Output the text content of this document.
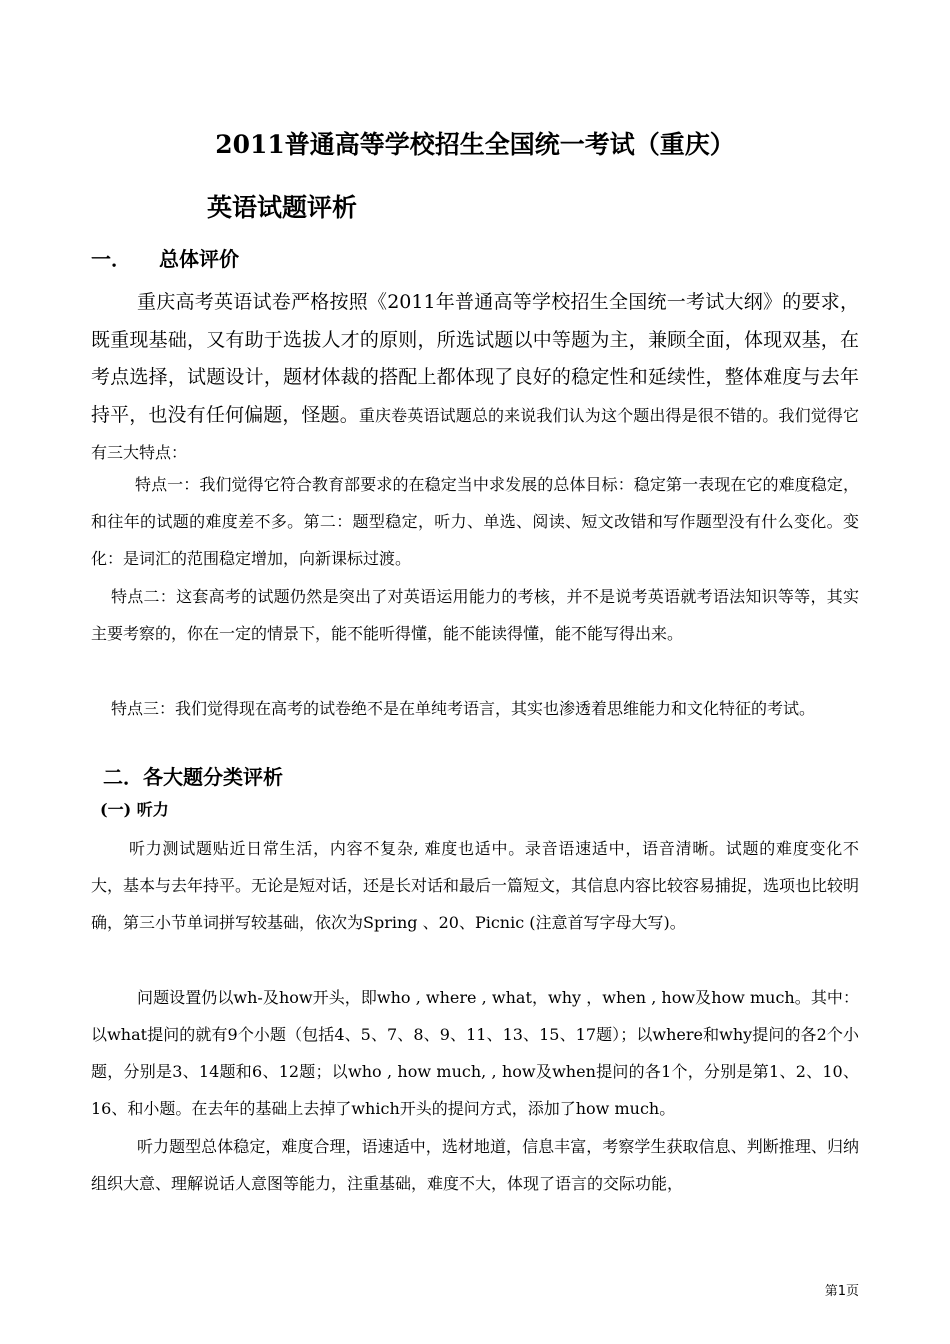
2011普通高等学校招生全国统一考试（重庆）
英语试题评析
一． 总体评价

重庆高考英语试卷严格按照《2011年普通高等学校招生全国统一考试大纲》的要求，既重现基础，又有助于选拔人才的原则，所选试题以中等题为主，兼顾全面，体现双基，在考点选择，试题设计，题材体裁的搭配上都体现了良好的稳定性和延续性，整体难度与去年持平，也没有任何偏题，怪题。重庆卷英语试题总的来说我们认为这个题出得是很不错的。我们觉得它有三大特点：

特点一：我们觉得它符合教育部要求的在稳定当中求发展的总体目标：稳定第一表现在它的难度稳定，和往年的试题的难度差不多。第二：题型稳定，听力、单选、阅读、短文改错和写作题型没有什么变化。变化：是词汇的范围稳定增加，向新课标过渡。

特点二：这套高考的试题仍然是突出了对英语运用能力的考核，并不是说考英语就考语法知识等等，其实主要考察的，你在一定的情景下，能不能听得懂，能不能读得懂，能不能写得出来。

特点三：我们觉得现在高考的试卷绝不是在单纯考语言，其实也渗透着思维能力和文化特征的考试。

二．各大题分类评析
(一) 听力

听力测试题贴近日常生活，内容不复杂, 难度也适中。录音语速适中，语音清晰。试题的难度变化不大，基本与去年持平。无论是短对话，还是长对话和最后一篇短文，其信息内容比较容易捕捉，选项也比较明确，第三小节单词拼写较基础，依次为Spring 、20、Picnic (注意首写字母大写)。

问题设置仍以wh-及how开头，即who , where , what，why ，when , how及how much。其中：以what提问的就有9个小题（包括4、5、7、8、9、11、13、15、17题）；以where和why提问的各2个小题，分别是3、14题和6、12题；以who , how much, , how及when提问的各1个，分别是第1、2、10、16、和小题。在去年的基础上去掉了which开头的提问方式，添加了how much。

听力题型总体稳定，难度合理，语速适中，选材地道，信息丰富，考察学生获取信息、判断推理、归纳组织大意、理解说话人意图等能力，注重基础，难度不大，体现了语言的交际功能，

第1页
